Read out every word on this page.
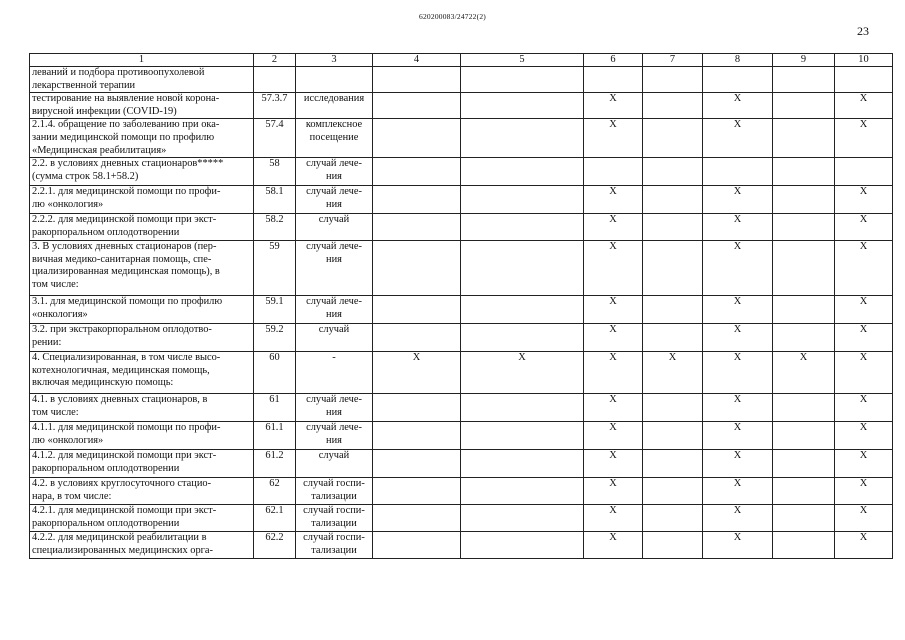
620200083/24722(2)
23
1	2	3	4	5	6	7	8	9	10

леваний и подбора противоопухолевой
лекарственной терапии									

тестирование на выявление новой корона-
вирусной инфекции (COVID-19)	57.3.7	исследования			X		X		X

2.1.4. обращение по заболеванию при ока-
зании медицинской помощи по профилю
«Медицинская реабилитация»	57.4	комплексное
посещение			X		X		X

2.2. в условиях дневных стационаров*****
(сумма строк 58.1+58.2)	58	случай лече-
ния							

2.2.1. для медицинской помощи по профи-
лю «онкология»	58.1	случай лече-
ния			X		X		X

2.2.2. для медицинской помощи при экст-
ракорпоральном оплодотворении	58.2	случай			X		X		X

3. В условиях дневных стационаров (пер-
вичная медико-санитарная помощь, спе-
циализированная медицинская помощь), в
том числе:	59	случай лече-
ния			X		X		X

3.1. для медицинской помощи по профилю
«онкология»	59.1	случай лече-
ния			X		X		X

3.2. при экстракорпоральном оплодотво-
рении:	59.2	случай			X		X		X

4. Специализированная, в том числе высо-
котехнологичная, медицинская помощь,
включая медицинскую помощь:	60	-	X	X	X	X	X	X	X

4.1. в условиях дневных стационаров, в
том числе:	61	случай лече-
ния			X		X		X

4.1.1. для медицинской помощи по профи-
лю «онкология»	61.1	случай лече-
ния			X		X		X

4.1.2. для медицинской помощи при экст-
ракорпоральном оплодотворении	61.2	случай			X		X		X

4.2. в условиях круглосуточного стацио-
нара, в том числе:	62	случай госпи-
тализации			X		X		X

4.2.1. для медицинской помощи при экст-
ракорпоральном оплодотворении	62.1	случай госпи-
тализации			X		X		X

4.2.2. для медицинской реабилитации в
специализированных медицинских орга-	62.2	случай госпи-
тализации			X		X		X
